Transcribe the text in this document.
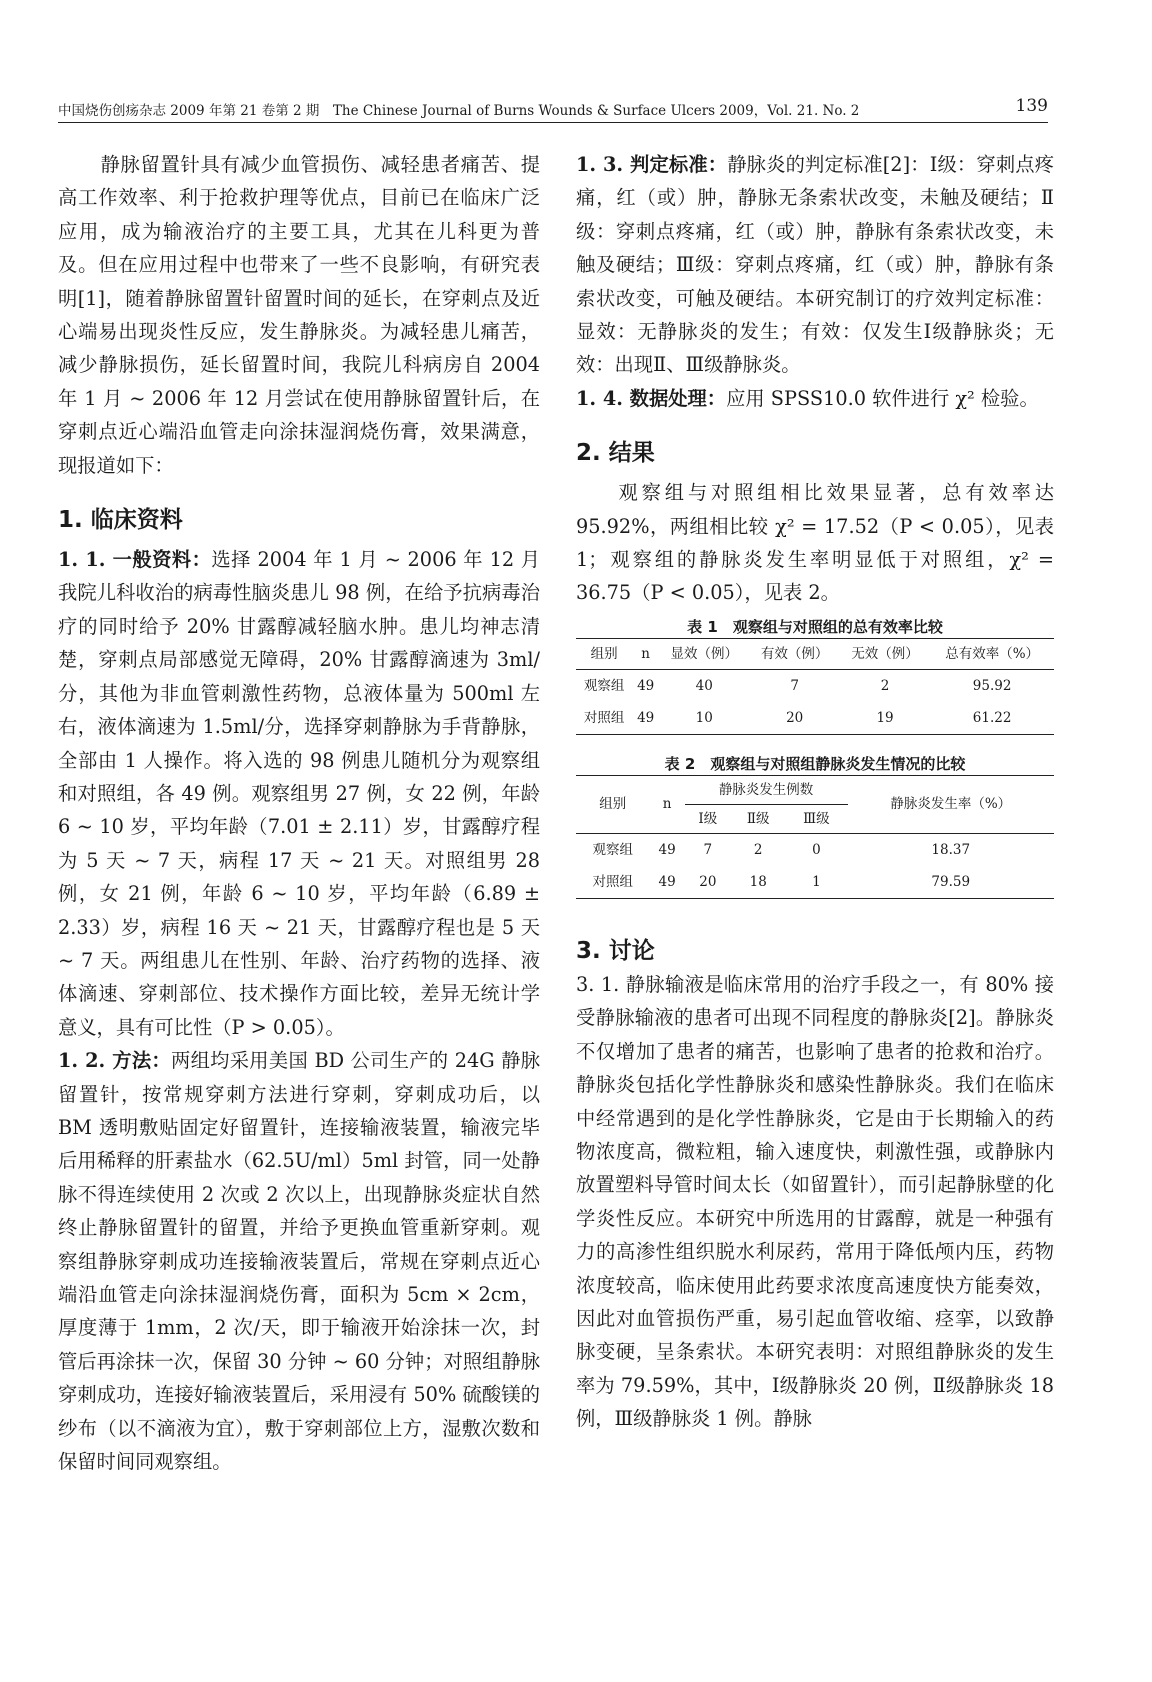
中国烧伤创疡杂志 2009 年第 21 卷第 2 期　The Chinese Journal of Burns Wounds & Surface Ulcers 2009，Vol. 21. No. 2	139

静脉留置针具有减少血管损伤、减轻患者痛苦、提高工作效率、利于抢救护理等优点，目前已在临床广泛应用，成为输液治疗的主要工具，尤其在儿科更为普及。但在应用过程中也带来了一些不良影响，有研究表明[1]，随着静脉留置针留置时间的延长，在穿刺点及近心端易出现炎性反应，发生静脉炎。为减轻患儿痛苦，减少静脉损伤，延长留置时间，我院儿科病房自 2004 年 1 月 ~ 2006 年 12 月尝试在使用静脉留置针后，在穿刺点近心端沿血管走向涂抹湿润烧伤膏，效果满意，现报道如下：

1. 临床资料

1. 1. 一般资料：选择 2004 年 1 月 ~ 2006 年 12 月我院儿科收治的病毒性脑炎患儿 98 例，在给予抗病毒治疗的同时给予 20% 甘露醇减轻脑水肿。患儿均神志清楚，穿刺点局部感觉无障碍，20% 甘露醇滴速为 3ml/分，其他为非血管刺激性药物，总液体量为 500ml 左右，液体滴速为 1.5ml/分，选择穿刺静脉为手背静脉，全部由 1 人操作。将入选的 98 例患儿随机分为观察组和对照组，各 49 例。观察组男 27 例，女 22 例，年龄 6 ~ 10 岁，平均年龄（7.01 ± 2.11）岁，甘露醇疗程为 5 天 ~ 7 天，病程 17 天 ~ 21 天。对照组男 28 例，女 21 例，年龄 6 ~ 10 岁，平均年龄（6.89 ± 2.33）岁，病程 16 天 ~ 21 天，甘露醇疗程也是 5 天 ~ 7 天。两组患儿在性别、年龄、治疗药物的选择、液体滴速、穿刺部位、技术操作方面比较，差异无统计学意义，具有可比性（P > 0.05）。

1. 2. 方法：两组均采用美国 BD 公司生产的 24G 静脉留置针，按常规穿刺方法进行穿刺，穿刺成功后，以 BM 透明敷贴固定好留置针，连接输液装置，输液完毕后用稀释的肝素盐水（62.5U/ml）5ml 封管，同一处静脉不得连续使用 2 次或 2 次以上，出现静脉炎症状自然终止静脉留置针的留置，并给予更换血管重新穿刺。观察组静脉穿刺成功连接输液装置后，常规在穿刺点近心端沿血管走向涂抹湿润烧伤膏，面积为 5cm × 2cm，厚度薄于 1mm，2 次/天，即于输液开始涂抹一次，封管后再涂抹一次，保留 30 分钟 ~ 60 分钟；对照组静脉穿刺成功，连接好输液装置后，采用浸有 50% 硫酸镁的纱布（以不滴液为宜），敷于穿刺部位上方，湿敷次数和保留时间同观察组。

1. 3. 判定标准：静脉炎的判定标准[2]：Ⅰ级：穿刺点疼痛，红（或）肿，静脉无条索状改变，未触及硬结；Ⅱ级：穿刺点疼痛，红（或）肿，静脉有条索状改变，未触及硬结；Ⅲ级：穿刺点疼痛，红（或）肿，静脉有条索状改变，可触及硬结。本研究制订的疗效判定标准：显效：无静脉炎的发生；有效：仅发生Ⅰ级静脉炎；无效：出现Ⅱ、Ⅲ级静脉炎。

1. 4. 数据处理：应用 SPSS10.0 软件进行 χ² 检验。

2. 结果

观察组与对照组相比效果显著，总有效率达 95.92%，两组相比较 χ² = 17.52（P < 0.05），见表 1；观察组的静脉炎发生率明显低于对照组，χ² = 36.75（P < 0.05），见表 2。

表 1　观察组与对照组的总有效率比较
组别	n	显效（例）	有效（例）	无效（例）	总有效率（%）
观察组	49	40	7	2	95.92
对照组	49	10	20	19	61.22
表 2　观察组与对照组静脉炎发生情况的比较
组别	n	静脉炎发生例数			静脉炎发生率（%）
		Ⅰ级	Ⅱ级	Ⅲ级	
观察组	49	7	2	0	18.37
对照组	49	20	18	1	79.59
3. 讨论

3. 1. 静脉输液是临床常用的治疗手段之一，有 80% 接受静脉输液的患者可出现不同程度的静脉炎[2]。静脉炎不仅增加了患者的痛苦，也影响了患者的抢救和治疗。静脉炎包括化学性静脉炎和感染性静脉炎。我们在临床中经常遇到的是化学性静脉炎，它是由于长期输入的药物浓度高，微粒粗，输入速度快，刺激性强，或静脉内放置塑料导管时间太长（如留置针），而引起静脉壁的化学炎性反应。本研究中所选用的甘露醇，就是一种强有力的高渗性组织脱水利尿药，常用于降低颅内压，药物浓度较高，临床使用此药要求浓度高速度快方能奏效，因此对血管损伤严重，易引起血管收缩、痉挛，以致静脉变硬，呈条索状。本研究表明：对照组静脉炎的发生率为 79.59%，其中，Ⅰ级静脉炎 20 例，Ⅱ级静脉炎 18 例，Ⅲ级静脉炎 1 例。静脉
